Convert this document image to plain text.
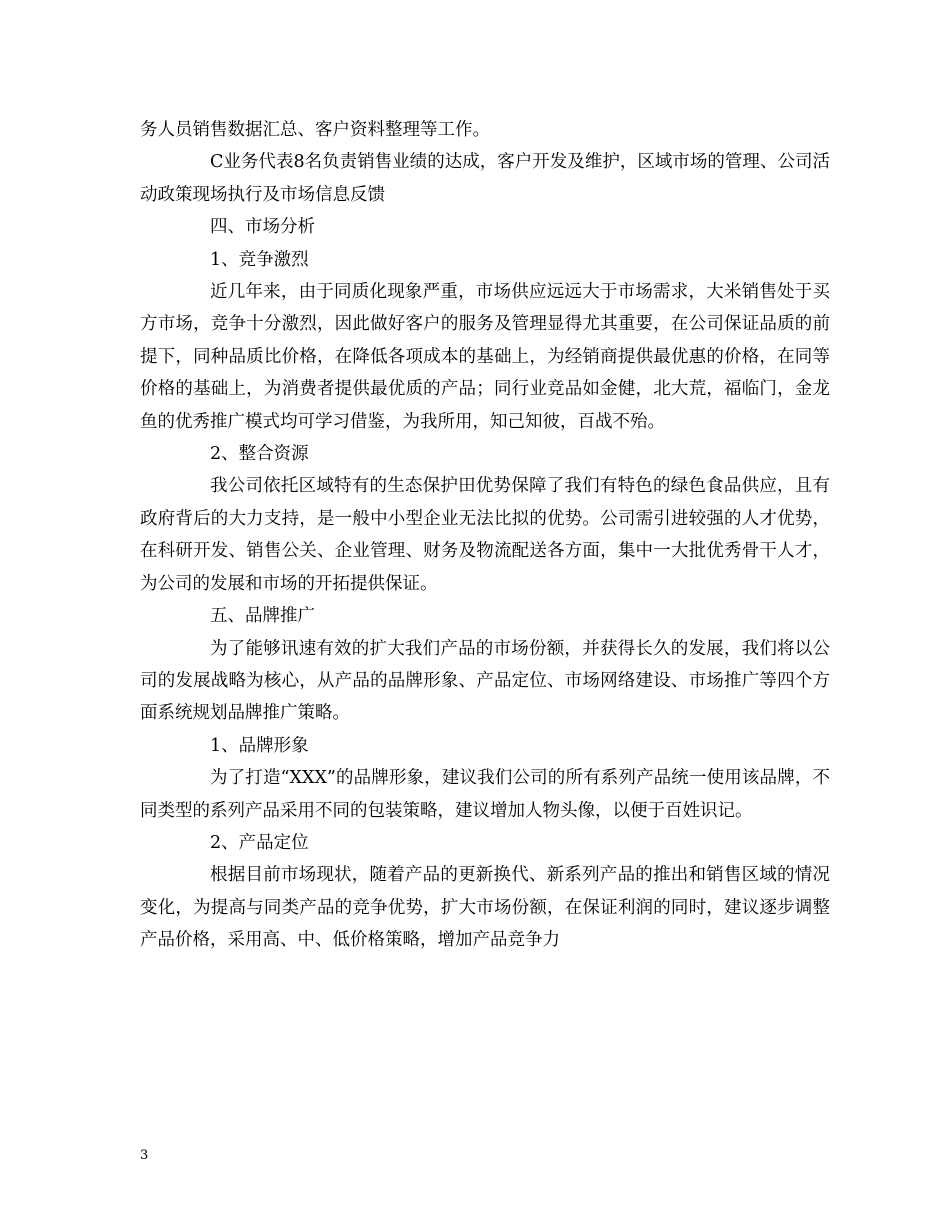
务人员销售数据汇总、客户资料整理等工作。

C业务代表8名负责销售业绩的达成，客户开发及维护，区域市场的管理、公司活动政策现场执行及市场信息反馈

四、市场分析

1、竞争激烈

近几年来，由于同质化现象严重，市场供应远远大于市场需求，大米销售处于买方市场，竞争十分激烈，因此做好客户的服务及管理显得尤其重要，在公司保证品质的前提下，同种品质比价格，在降低各项成本的基础上，为经销商提供最优惠的价格，在同等价格的基础上，为消费者提供最优质的产品；同行业竞品如金健，北大荒，福临门，金龙鱼的优秀推广模式均可学习借鉴，为我所用，知己知彼，百战不殆。

2、整合资源

我公司依托区域特有的生态保护田优势保障了我们有特色的绿色食品供应，且有政府背后的大力支持，是一般中小型企业无法比拟的优势。公司需引进较强的人才优势，在科研开发、销售公关、企业管理、财务及物流配送各方面，集中一大批优秀骨干人才，为公司的发展和市场的开拓提供保证。

五、品牌推广

为了能够讯速有效的扩大我们产品的市场份额，并获得长久的发展，我们将以公司的发展战略为核心，从产品的品牌形象、产品定位、市场网络建设、市场推广等四个方面系统规划品牌推广策略。

1、品牌形象

为了打造“XXX”的品牌形象，建议我们公司的所有系列产品统一使用该品牌，不同类型的系列产品采用不同的包装策略，建议增加人物头像，以便于百姓识记。

2、产品定位

根据目前市场现状，随着产品的更新换代、新系列产品的推出和销售区域的情况变化，为提高与同类产品的竞争优势，扩大市场份额，在保证利润的同时，建议逐步调整产品价格，采用高、中、低价格策略，增加产品竞争力

3
